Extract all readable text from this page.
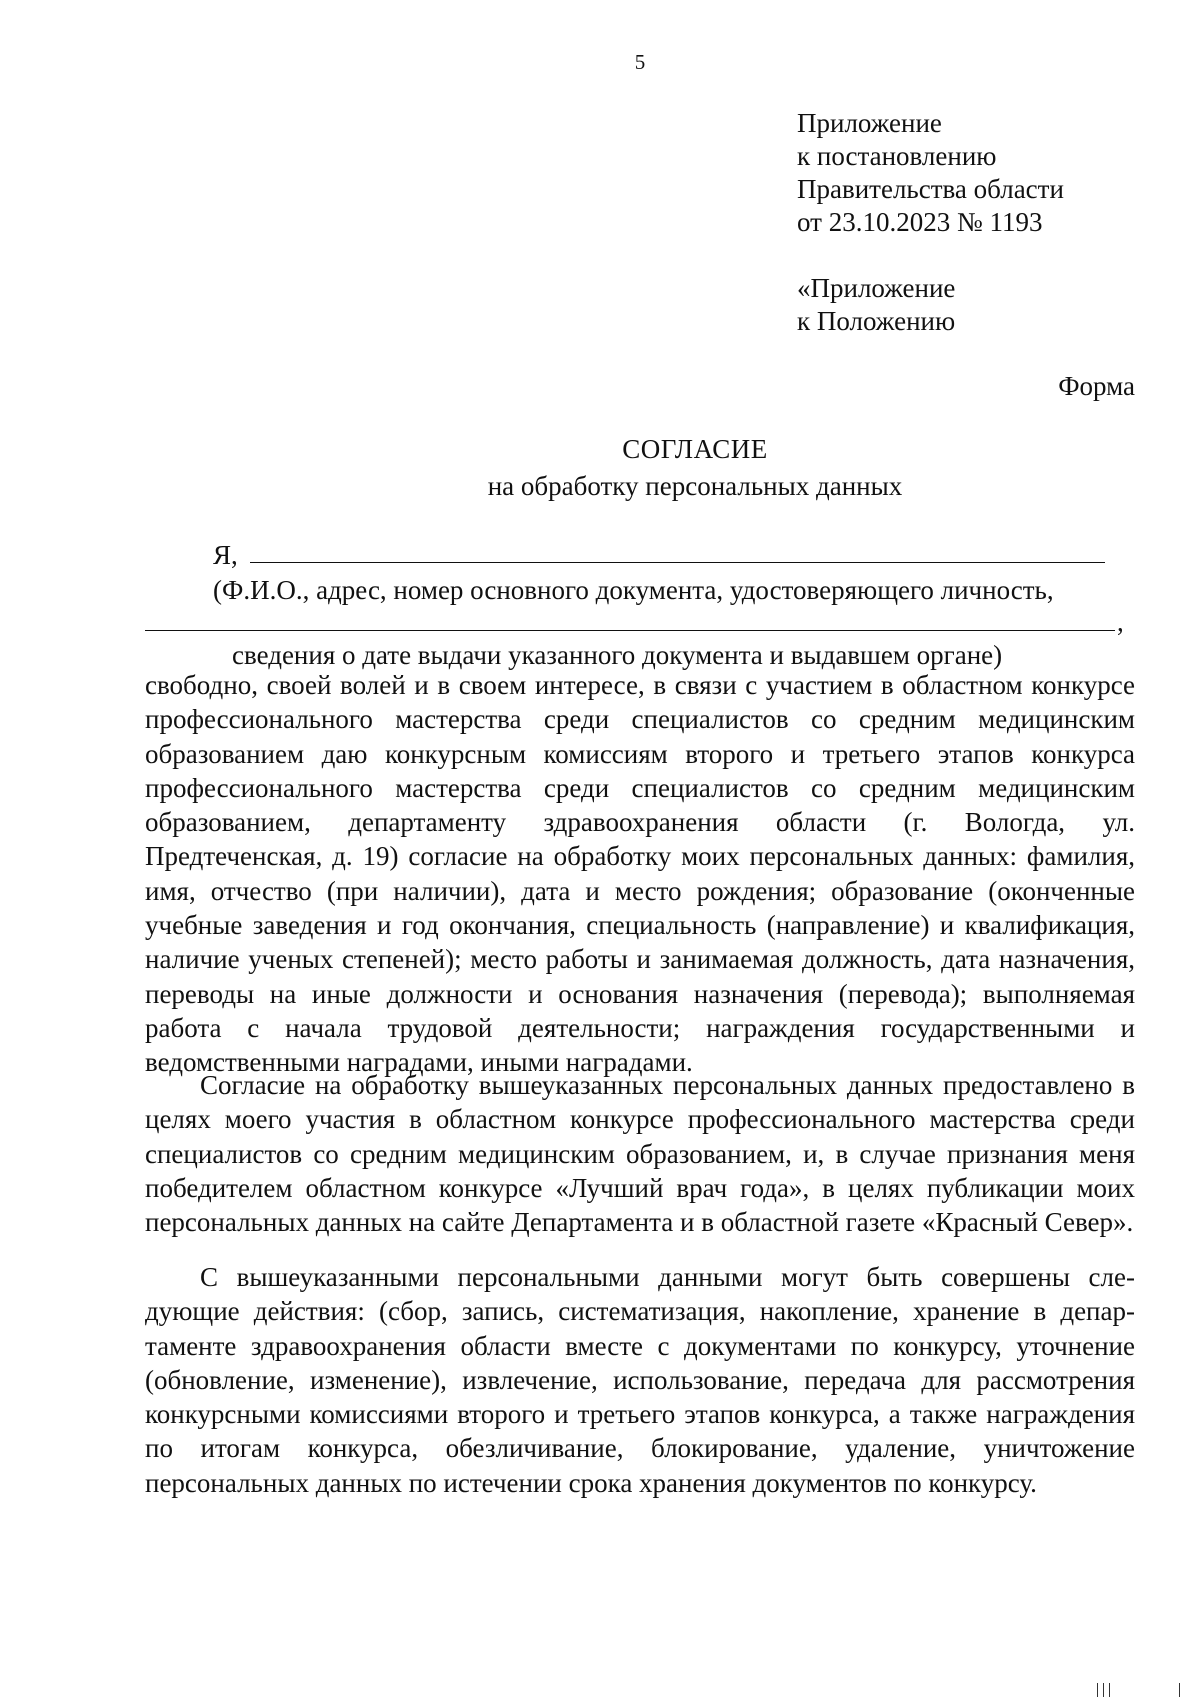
5
Приложение
к постановлению
Правительства области
от 23.10.2023 № 1193
«Приложение
к Положению
Форма
СОГЛАСИЕ
на обработку персональных данных
Я,
(Ф.И.О., адрес, номер основного документа, удостоверяющего личность,
,
сведения о дате выдачи указанного документа и выдавшем органе)
свободно, своей волей и в своем интересе, в связи с участием в областном конкурсе профессионального мастерства среди специалистов со средним медицинским образованием даю конкурсным комиссиям второго и третьего этапов конкурса профессионального мастерства среди специалистов со средним медицинским образованием, департаменту здравоохранения области (г. Вологда, ул. Предтеченская, д. 19) согласие на обработку моих персональных данных: фамилия, имя, отчество (при наличии), дата и место рождения; образование (оконченные учебные заведения и год окончания, специальность (направление) и квалификация, наличие ученых степеней); место работы и занимаемая должность, дата назначения, переводы на иные должности и основания назначения (перевода); выполняемая работа с начала трудовой деятельности; награждения государственными и ведомственными наградами, иными наградами.
Согласие на обработку вышеуказанных персональных данных предоставлено в целях моего участия в областном конкурсе профессионального мастерства среди специалистов со средним медицинским образованием, и, в случае признания меня победителем областном конкурсе «Лучший врач года», в целях публикации моих персональных данных на сайте Департамента и в областной газете «Красный Север».
С вышеуказанными персональными данными могут быть совершены следующие действия: (сбор, запись, систематизация, накопление, хранение в департаменте здравоохранения области вместе с документами по конкурсу, уточнение (обновление, изменение), извлечение, использование, передача для рассмотрения конкурсными комиссиями второго и третьего этапов конкурса, а также награждения по итогам конкурса, обезличивание, блокирование, удаление, уничтожение персональных данных по истечении срока хранения документов по конкурсу.
